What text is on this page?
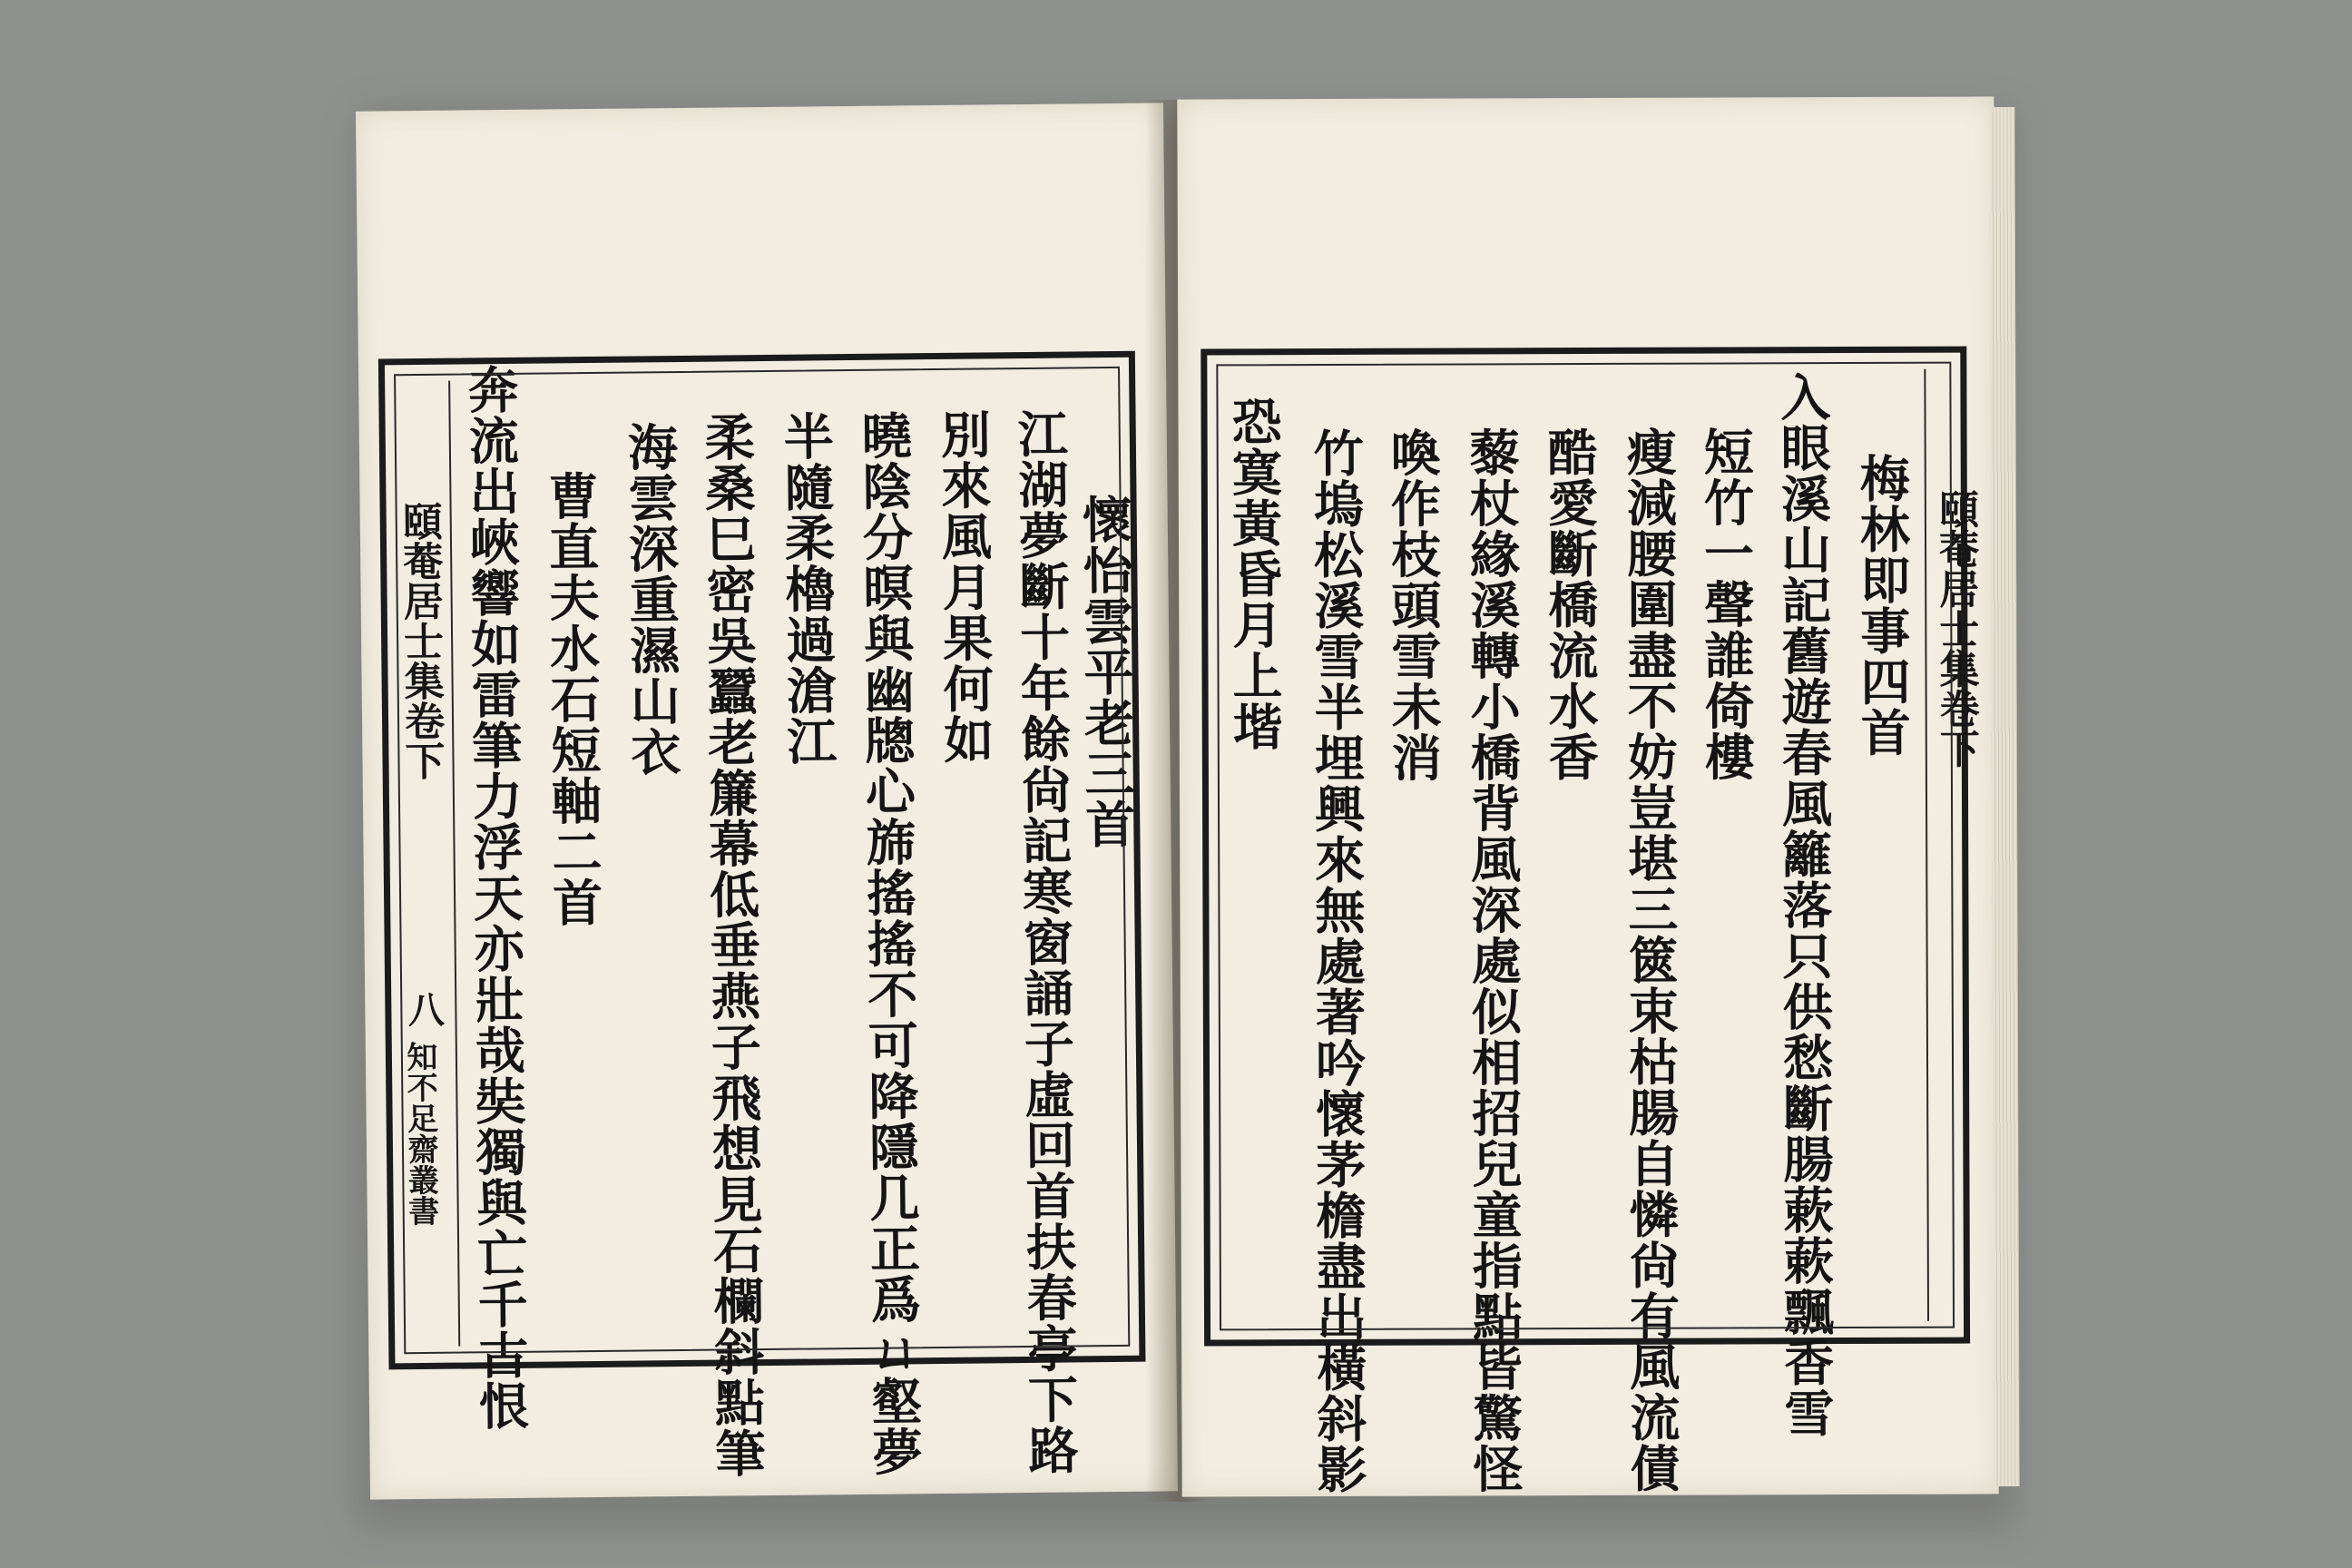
頤菴居士集卷下
八
知不足齋叢書 奔流出峽響如雷筆力浮天亦壯哉奘獨與亡千古恨 曹直夫水石短軸二首 海雲深重濕山衣 柔桑巳密吳蠶老簾幕低垂燕子飛想見石欄斜點筆 半隨柔櫓過滄江 曉陰分暝與幽牕心旆搖搖不可降隱几正爲ㄩ壑夢 別來風月果何如 江湖夢斷十年餘尙記寒窗誦子虛回首扶春亭下路
懷怡雲平老三首 恐寞黃昏月上堦 竹塢松溪雪半埋興來無處著吟懷茅檐盡出橫斜影 喚作枝頭雪未消 藜杖緣溪轉小橋背風深處似相招兒童指點皆驚怪 酷愛斷橋流水香 瘦減腰圍盡不妨豈堪三篋束枯腸自憐尙有風流債 短竹一聲誰倚樓 入眼溪山記舊遊春風籬落只供愁斷腸蔌蔌飄香雪 梅林即事四首 頤菴居士集卷下
